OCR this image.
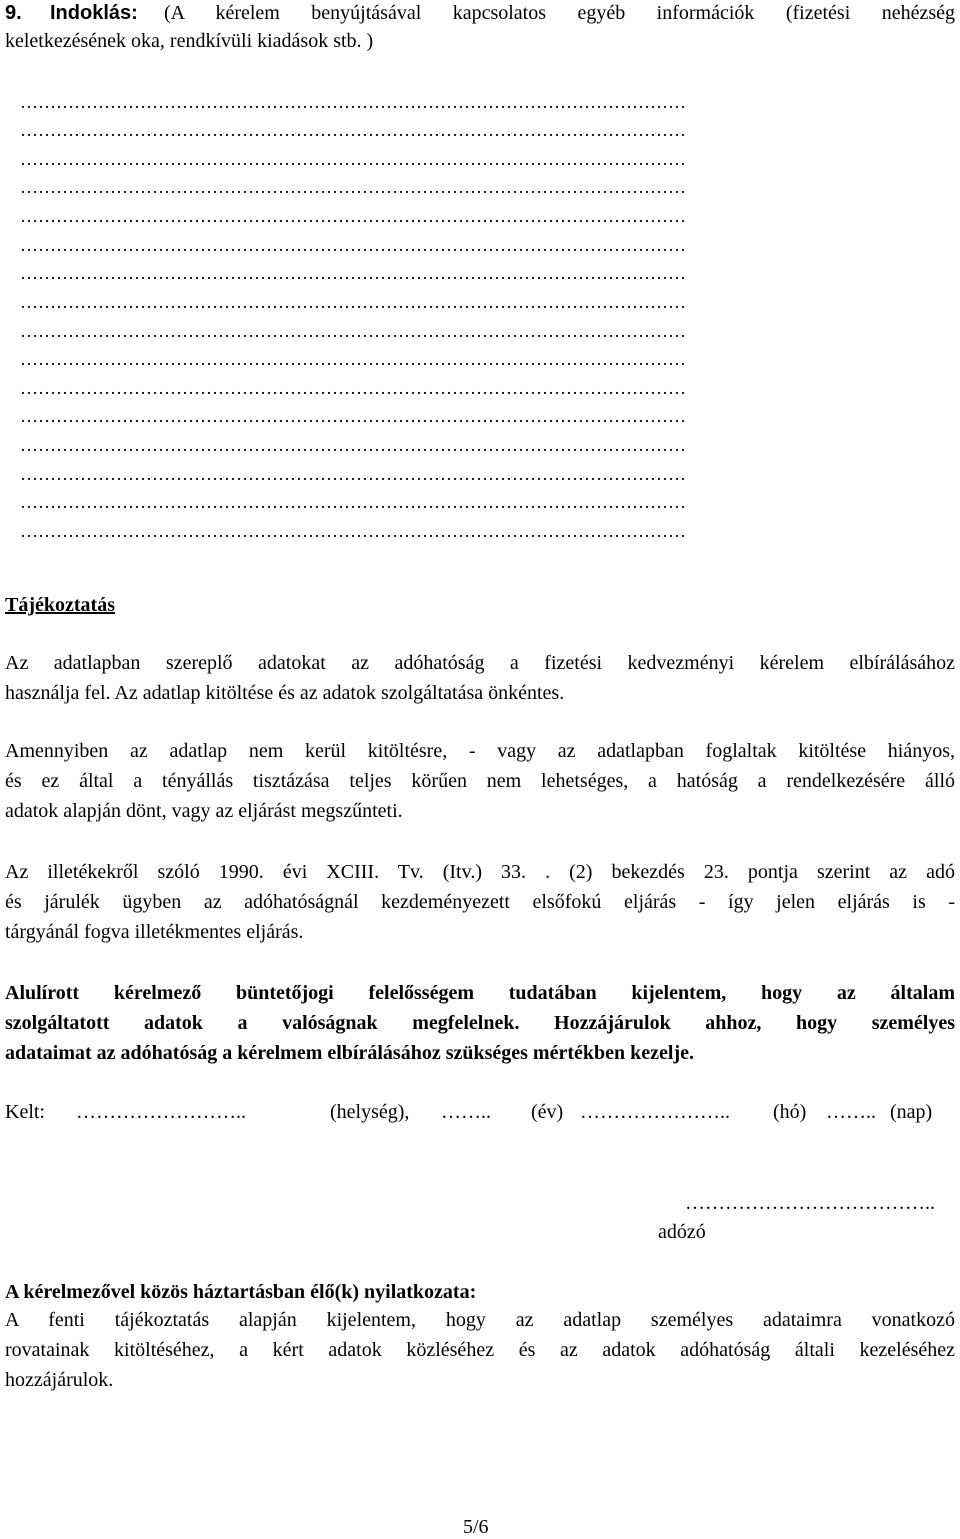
9. Indoklás: (A kérelem benyújtásával kapcsolatos egyéb információk (fizetési nehézség
keletkezésének oka, rendkívüli kiadások stb. )
…………………………………………………………………………………………………
…………………………………………………………………………………………………
…………………………………………………………………………………………………
…………………………………………………………………………………………………
…………………………………………………………………………………………………
…………………………………………………………………………………………………
…………………………………………………………………………………………………
…………………………………………………………………………………………………
…………………………………………………………………………………………………
…………………………………………………………………………………………………
…………………………………………………………………………………………………
…………………………………………………………………………………………………
…………………………………………………………………………………………………
…………………………………………………………………………………………………
…………………………………………………………………………………………………
…………………………………………………………………………………………………
Tájékoztatás
Az adatlapban szereplő adatokat az adóhatóság a fizetési kedvezményi kérelem elbírálásához
használja fel. Az adatlap kitöltése és az adatok szolgáltatása önkéntes.
Amennyiben az adatlap nem kerül kitöltésre, - vagy az adatlapban foglaltak kitöltése hiányos,
és ez által a tényállás tisztázása teljes körűen nem lehetséges, a hatóság a rendelkezésére álló
adatok alapján dönt, vagy az eljárást megszűnteti.
Az illetékekről szóló 1990. évi XCIII. Tv. (Itv.) 33. . (2) bekezdés 23. pontja szerint az adó
és járulék ügyben az adóhatóságnál kezdeményezett elsőfokú eljárás - így jelen eljárás is -
tárgyánál fogva illetékmentes eljárás.
Alulírott kérelmező büntetőjogi felelősségem tudatában kijelentem, hogy az általam
szolgáltatott adatok a valóságnak megfelelnek. Hozzájárulok ahhoz, hogy személyes
adataimat az adóhatóság a kérelmem elbírálásához szükséges mértékben kezelje.
Kelt: ……………………..	(helység), ……..	(év) …………………..	(hó) …….. (nap)
………………………………..
adózó
A kérelmezővel közös háztartásban élő(k) nyilatkozata:
A fenti tájékoztatás alapján kijelentem, hogy az adatlap személyes adataimra vonatkozó
rovatainak kitöltéséhez, a kért adatok közléséhez és az adatok adóhatóság általi kezeléséhez
hozzájárulok.
5/6
